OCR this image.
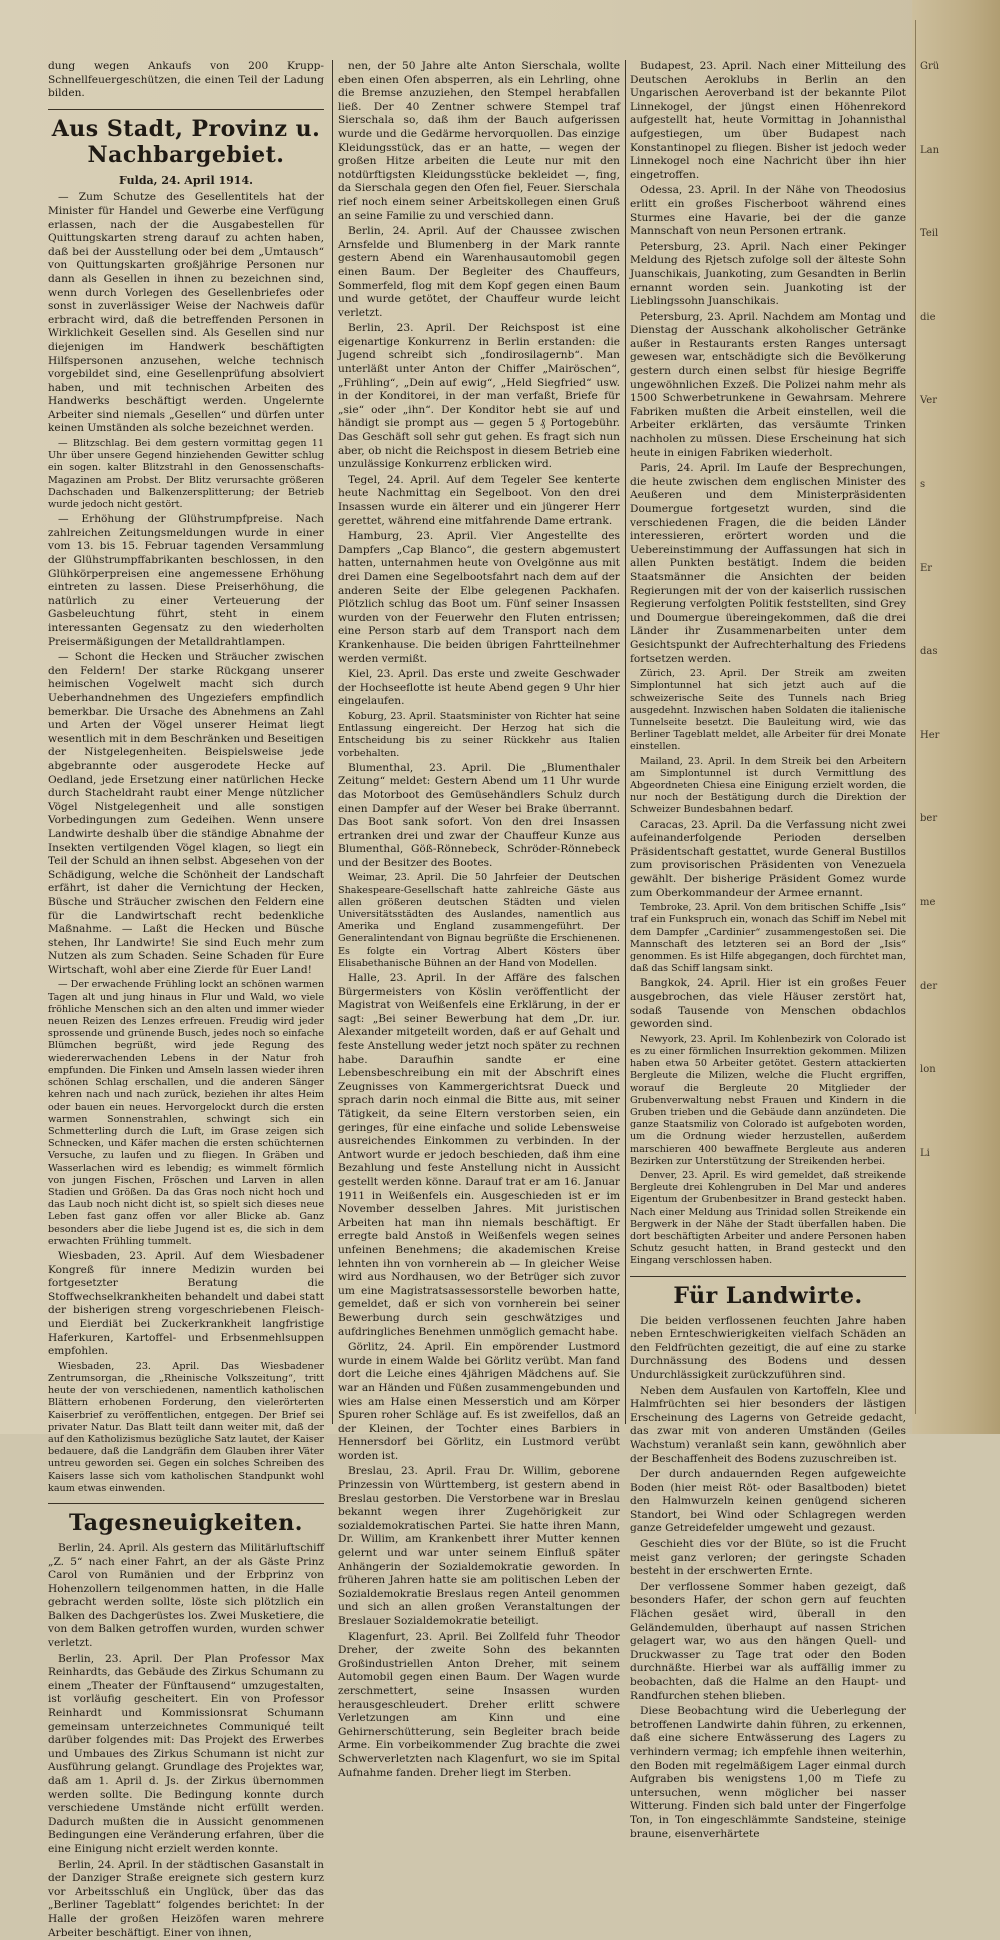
Grü
Lan
Teil
die
Ver
s
Er
das
Her
ber
me
der
lon
Li

dung wegen Ankaufs von 200 Krupp-Schnellfeuergeschützen, die einen Teil der Ladung bilden.

Aus Stadt, Provinz u. Nachbargebiet.
Fulda, 24. April 1914.

— Zum Schutze des Gesellentitels hat der Minister für Handel und Gewerbe eine Verfügung erlassen, nach der die Ausgabestellen für Quittungskarten streng darauf zu achten haben, daß bei der Ausstellung oder bei dem „Umtausch“ von Quittungskarten großjährige Personen nur dann als Gesellen in ihnen zu bezeichnen sind, wenn durch Vorlegen des Gesellenbriefes oder sonst in zuverlässiger Weise der Nachweis dafür erbracht wird, daß die betreffenden Personen in Wirklichkeit Gesellen sind. Als Gesellen sind nur diejenigen im Handwerk beschäftigten Hilfspersonen anzusehen, welche technisch vorgebildet sind, eine Gesellenprüfung absolviert haben, und mit technischen Arbeiten des Handwerks beschäftigt werden. Ungelernte Arbeiter sind niemals „Gesellen“ und dürfen unter keinen Umständen als solche bezeichnet werden.

— Blitzschlag. Bei dem gestern vormittag gegen 11 Uhr über unsere Gegend hinziehenden Gewitter schlug ein sogen. kalter Blitzstrahl in den Genossenschafts-Magazinen am Probst. Der Blitz verursachte größeren Dachschaden und Balkenzersplitterung; der Betrieb wurde jedoch nicht gestört.

— Erhöhung der Glühstrumpfpreise. Nach zahlreichen Zeitungsmeldungen wurde in einer vom 13. bis 15. Februar tagenden Versammlung der Glühstrumpffabrikanten beschlossen, in den Glühkörperpreisen eine angemessene Erhöhung eintreten zu lassen. Diese Preiserhöhung, die natürlich zu einer Verteuerung der Gasbeleuchtung führt, steht in einem interessanten Gegensatz zu den wiederholten Preisermäßigungen der Metalldrahtlampen.

— Schont die Hecken und Sträucher zwischen den Feldern! Der starke Rückgang unserer heimischen Vogelwelt macht sich durch Ueberhandnehmen des Ungeziefers empfindlich bemerkbar. Die Ursache des Abnehmens an Zahl und Arten der Vögel unserer Heimat liegt wesentlich mit in dem Beschränken und Beseitigen der Nistgelegenheiten. Beispielsweise jede abgebrannte oder ausgerodete Hecke auf Oedland, jede Ersetzung einer natürlichen Hecke durch Stacheldraht raubt einer Menge nützlicher Vögel Nistgelegenheit und alle sonstigen Vorbedingungen zum Gedeihen. Wenn unsere Landwirte deshalb über die ständige Abnahme der Insekten vertilgenden Vögel klagen, so liegt ein Teil der Schuld an ihnen selbst. Abgesehen von der Schädigung, welche die Schönheit der Landschaft erfährt, ist daher die Vernichtung der Hecken, Büsche und Sträucher zwischen den Feldern eine für die Landwirtschaft recht bedenkliche Maßnahme. — Laßt die Hecken und Büsche stehen, Ihr Landwirte! Sie sind Euch mehr zum Nutzen als zum Schaden. Seine Schaden für Eure Wirtschaft, wohl aber eine Zierde für Euer Land!

— Der erwachende Frühling lockt an schönen warmen Tagen alt und jung hinaus in Flur und Wald, wo viele fröhliche Menschen sich an den alten und immer wieder neuen Reizen des Lenzes erfreuen. Freudig wird jeder sprossende und grünende Busch, jedes noch so einfache Blümchen begrüßt, wird jede Regung des wiedererwachenden Lebens in der Natur froh empfunden. Die Finken und Amseln lassen wieder ihren schönen Schlag erschallen, und die anderen Sänger kehren nach und nach zurück, beziehen ihr altes Heim oder bauen ein neues. Hervorgelockt durch die ersten warmen Sonnenstrahlen, schwingt sich ein Schmetterling durch die Luft, im Grase zeigen sich Schnecken, und Käfer machen die ersten schüchternen Versuche, zu laufen und zu fliegen. In Gräben und Wasserlachen wird es lebendig; es wimmelt förmlich von jungen Fischen, Fröschen und Larven in allen Stadien und Größen. Da das Gras noch nicht hoch und das Laub noch nicht dicht ist, so spielt sich dieses neue Leben fast ganz offen vor aller Blicke ab. Ganz besonders aber die liebe Jugend ist es, die sich in dem erwachten Frühling tummelt.

Wiesbaden, 23. April. Auf dem Wiesbadener Kongreß für innere Medizin wurden bei fortgesetzter Beratung die Stoffwechselkrankheiten behandelt und dabei statt der bisherigen streng vorgeschriebenen Fleisch- und Eierdiät bei Zuckerkrankheit langfristige Haferkuren, Kartoffel- und Erbsenmehlsuppen empfohlen.

Wiesbaden, 23. April. Das Wiesbadener Zentrumsorgan, die „Rheinische Volkszeitung“, tritt heute der von verschiedenen, namentlich katholischen Blättern erhobenen Forderung, den vielerörterten Kaiserbrief zu veröffentlichen, entgegen. Der Brief sei privater Natur. Das Blatt teilt dann weiter mit, daß der auf den Katholizismus bezügliche Satz lautet, der Kaiser bedauere, daß die Landgräfin dem Glauben ihrer Väter untreu geworden sei. Gegen ein solches Schreiben des Kaisers lasse sich vom katholischen Standpunkt wohl kaum etwas einwenden.

Tagesneuigkeiten.

Berlin, 24. April. Als gestern das Militärluftschiff „Z. 5“ nach einer Fahrt, an der als Gäste Prinz Carol von Rumänien und der Erbprinz von Hohenzollern teilgenommen hatten, in die Halle gebracht werden sollte, löste sich plötzlich ein Balken des Dachgerüstes los. Zwei Musketiere, die von dem Balken getroffen wurden, wurden schwer verletzt.

Berlin, 23. April. Der Plan Professor Max Reinhardts, das Gebäude des Zirkus Schumann zu einem „Theater der Fünftausend“ umzugestalten, ist vorläufig gescheitert. Ein von Professor Reinhardt und Kommissionsrat Schumann gemeinsam unterzeichnetes Communiqué teilt darüber folgendes mit: Das Projekt des Erwerbes und Umbaues des Zirkus Schumann ist nicht zur Ausführung gelangt. Grundlage des Projektes war, daß am 1. April d. Js. der Zirkus übernommen werden sollte. Die Bedingung konnte durch verschiedene Umstände nicht erfüllt werden. Dadurch mußten die in Aussicht genommenen Bedingungen eine Veränderung erfahren, über die eine Einigung nicht erzielt werden konnte.

Berlin, 24. April. In der städtischen Gasanstalt in der Danziger Straße ereignete sich gestern kurz vor Arbeitsschluß ein Unglück, über das das „Berliner Tageblatt“ folgendes berichtet: In der Halle der großen Heizöfen waren mehrere Arbeiter beschäftigt. Einer von ihnen,

nen, der 50 Jahre alte Anton Sierschala, wollte eben einen Ofen absperren, als ein Lehrling, ohne die Bremse anzuziehen, den Stempel herabfallen ließ. Der 40 Zentner schwere Stempel traf Sierschala so, daß ihm der Bauch aufgerissen wurde und die Gedärme hervorquollen. Das einzige Kleidungsstück, das er an hatte, — wegen der großen Hitze arbeiten die Leute nur mit den notdürftigsten Kleidungsstücke bekleidet —, fing, da Sierschala gegen den Ofen fiel, Feuer. Sierschala rief noch einem seiner Arbeitskollegen einen Gruß an seine Familie zu und verschied dann.

Berlin, 24. April. Auf der Chaussee zwischen Arnsfelde und Blumenberg in der Mark rannte gestern Abend ein Warenhausautomobil gegen einen Baum. Der Begleiter des Chauffeurs, Sommerfeld, flog mit dem Kopf gegen einen Baum und wurde getötet, der Chauffeur wurde leicht verletzt.

Berlin, 23. April. Der Reichspost ist eine eigenartige Konkurrenz in Berlin erstanden: die Jugend schreibt sich „fondirosilagernb“. Man unterläßt unter Anton der Chiffer „Mairöschen“, „Frühling“, „Dein auf ewig“, „Held Siegfried“ usw. in der Konditorei, in der man verfaßt, Briefe für „sie“ oder „ihn“. Der Konditor hebt sie auf und händigt sie prompt aus — gegen 5 ₰ Portogebühr. Das Geschäft soll sehr gut gehen. Es fragt sich nun aber, ob nicht die Reichspost in diesem Betrieb eine unzulässige Konkurrenz erblicken wird.

Tegel, 24. April. Auf dem Tegeler See kenterte heute Nachmittag ein Segelboot. Von den drei Insassen wurde ein älterer und ein jüngerer Herr gerettet, während eine mitfahrende Dame ertrank.

Hamburg, 23. April. Vier Angestellte des Dampfers „Cap Blanco“, die gestern abgemustert hatten, unternahmen heute von Ovelgönne aus mit drei Damen eine Segelbootsfahrt nach dem auf der anderen Seite der Elbe gelegenen Packhafen. Plötzlich schlug das Boot um. Fünf seiner Insassen wurden von der Feuerwehr den Fluten entrissen; eine Person starb auf dem Transport nach dem Krankenhause. Die beiden übrigen Fahrtteilnehmer werden vermißt.

Kiel, 23. April. Das erste und zweite Geschwader der Hochseeflotte ist heute Abend gegen 9 Uhr hier eingelaufen.

Koburg, 23. April. Staatsminister von Richter hat seine Entlassung eingereicht. Der Herzog hat sich die Entscheidung bis zu seiner Rückkehr aus Italien vorbehalten.

Blumenthal, 23. April. Die „Blumenthaler Zeitung“ meldet: Gestern Abend um 11 Uhr wurde das Motorboot des Gemüsehändlers Schulz durch einen Dampfer auf der Weser bei Brake überrannt. Das Boot sank sofort. Von den drei Insassen ertranken drei und zwar der Chauffeur Kunze aus Blumenthal, Göß-Rönnebeck, Schröder-Rönnebeck und der Besitzer des Bootes.

Weimar, 23. April. Die 50 Jahrfeier der Deutschen Shakespeare-Gesellschaft hatte zahlreiche Gäste aus allen größeren deutschen Städten und vielen Universitätsstädten des Auslandes, namentlich aus Amerika und England zusammengeführt. Der Generalintendant von Bignau begrüßte die Erschienenen. Es folgte ein Vortrag Albert Kösters über Elisabethanische Bühnen an der Hand von Modellen.

Halle, 23. April. In der Affäre des falschen Bürgermeisters von Köslin veröffentlicht der Magistrat von Weißenfels eine Erklärung, in der er sagt: „Bei seiner Bewerbung hat dem „Dr. iur. Alexander mitgeteilt worden, daß er auf Gehalt und feste Anstellung weder jetzt noch später zu rechnen habe. Daraufhin sandte er eine Lebensbeschreibung ein mit der Abschrift eines Zeugnisses von Kammergerichtsrat Dueck und sprach darin noch einmal die Bitte aus, mit seiner Tätigkeit, da seine Eltern verstorben seien, ein geringes, für eine einfache und solide Lebensweise ausreichendes Einkommen zu verbinden. In der Antwort wurde er jedoch beschieden, daß ihm eine Bezahlung und feste Anstellung nicht in Aussicht gestellt werden könne. Darauf trat er am 16. Januar 1911 in Weißenfels ein. Ausgeschieden ist er im November desselben Jahres. Mit juristischen Arbeiten hat man ihn niemals beschäftigt. Er erregte bald Anstoß in Weißenfels wegen seines unfeinen Benehmens; die akademischen Kreise lehnten ihn von vornherein ab — In gleicher Weise wird aus Nordhausen, wo der Betrüger sich zuvor um eine Magistratsassessorstelle beworben hatte, gemeldet, daß er sich von vornherein bei seiner Bewerbung durch sein geschwätziges und aufdringliches Benehmen unmöglich gemacht habe.

Görlitz, 24. April. Ein empörender Lustmord wurde in einem Walde bei Görlitz verübt. Man fand dort die Leiche eines 4jährigen Mädchens auf. Sie war an Händen und Füßen zusammengebunden und wies am Halse einen Messerstich und am Körper Spuren roher Schläge auf. Es ist zweifellos, daß an der Kleinen, der Tochter eines Barbiers in Hennersdorf bei Görlitz, ein Lustmord verübt worden ist.

Breslau, 23. April. Frau Dr. Willim, geborene Prinzessin von Württemberg, ist gestern abend in Breslau gestorben. Die Verstorbene war in Breslau bekannt wegen ihrer Zugehörigkeit zur sozialdemokratischen Partei. Sie hatte ihren Mann, Dr. Willim, am Krankenbett ihrer Mutter kennen gelernt und war unter seinem Einfluß später Anhängerin der Sozialdemokratie geworden. In früheren Jahren hatte sie am politischen Leben der Sozialdemokratie Breslaus regen Anteil genommen und sich an allen großen Veranstaltungen der Breslauer Sozialdemokratie beteiligt.

Klagenfurt, 23. April. Bei Zollfeld fuhr Theodor Dreher, der zweite Sohn des bekannten Großindustriellen Anton Dreher, mit seinem Automobil gegen einen Baum. Der Wagen wurde zerschmettert, seine Insassen wurden herausgeschleudert. Dreher erlitt schwere Verletzungen am Kinn und eine Gehirnerschütterung, sein Begleiter brach beide Arme. Ein vorbeikommender Zug brachte die zwei Schwerverletzten nach Klagenfurt, wo sie im Spital Aufnahme fanden. Dreher liegt im Sterben.

Budapest, 23. April. Nach einer Mitteilung des Deutschen Aeroklubs in Berlin an den Ungarischen Aeroverband ist der bekannte Pilot Linnekogel, der jüngst einen Höhenrekord aufgestellt hat, heute Vormittag in Johannisthal aufgestiegen, um über Budapest nach Konstantinopel zu fliegen. Bisher ist jedoch weder Linnekogel noch eine Nachricht über ihn hier eingetroffen.

Odessa, 23. April. In der Nähe von Theodosius erlitt ein großes Fischerboot während eines Sturmes eine Havarie, bei der die ganze Mannschaft von neun Personen ertrank.

Petersburg, 23. April. Nach einer Pekinger Meldung des Rjetsch zufolge soll der älteste Sohn Juanschikais, Juankoting, zum Gesandten in Berlin ernannt worden sein. Juankoting ist der Lieblingssohn Juanschikais.

Petersburg, 23. April. Nachdem am Montag und Dienstag der Ausschank alkoholischer Getränke außer in Restaurants ersten Ranges untersagt gewesen war, entschädigte sich die Bevölkerung gestern durch einen selbst für hiesige Begriffe ungewöhnlichen Exzeß. Die Polizei nahm mehr als 1500 Schwerbetrunkene in Gewahrsam. Mehrere Fabriken mußten die Arbeit einstellen, weil die Arbeiter erklärten, das versäumte Trinken nachholen zu müssen. Diese Erscheinung hat sich heute in einigen Fabriken wiederholt.

Paris, 24. April. Im Laufe der Besprechungen, die heute zwischen dem englischen Minister des Aeußeren und dem Ministerpräsidenten Doumergue fortgesetzt wurden, sind die verschiedenen Fragen, die die beiden Länder interessieren, erörtert worden und die Uebereinstimmung der Auffassungen hat sich in allen Punkten bestätigt. Indem die beiden Staatsmänner die Ansichten der beiden Regierungen mit der von der kaiserlich russischen Regierung verfolgten Politik feststellten, sind Grey und Doumergue übereingekommen, daß die drei Länder ihr Zusammenarbeiten unter dem Gesichtspunkt der Aufrechterhaltung des Friedens fortsetzen werden.

Zürich, 23. April. Der Streik am zweiten Simplontunnel hat sich jetzt auch auf die schweizerische Seite des Tunnels nach Brieg ausgedehnt. Inzwischen haben Soldaten die italienische Tunnelseite besetzt. Die Bauleitung wird, wie das Berliner Tageblatt meldet, alle Arbeiter für drei Monate einstellen.

Mailand, 23. April. In dem Streik bei den Arbeitern am Simplontunnel ist durch Vermittlung des Abgeordneten Chiesa eine Einigung erzielt worden, die nur noch der Bestätigung durch die Direktion der Schweizer Bundesbahnen bedarf.

Caracas, 23. April. Da die Verfassung nicht zwei aufeinanderfolgende Perioden derselben Präsidentschaft gestattet, wurde General Bustillos zum provisorischen Präsidenten von Venezuela gewählt. Der bisherige Präsident Gomez wurde zum Oberkommandeur der Armee ernannt.

Tembroke, 23. April. Von dem britischen Schiffe „Isis“ traf ein Funkspruch ein, wonach das Schiff im Nebel mit dem Dampfer „Cardinier“ zusammengestoßen sei. Die Mannschaft des letzteren sei an Bord der „Isis“ genommen. Es ist Hilfe abgegangen, doch fürchtet man, daß das Schiff langsam sinkt.

Bangkok, 24. April. Hier ist ein großes Feuer ausgebrochen, das viele Häuser zerstört hat, sodaß Tausende von Menschen obdachlos geworden sind.

Newyork, 23. April. Im Kohlenbezirk von Colorado ist es zu einer förmlichen Insurrektion gekommen. Milizen haben etwa 50 Arbeiter getötet. Gestern attackierten Bergleute die Milizen, welche die Flucht ergriffen, worauf die Bergleute 20 Mitglieder der Grubenverwaltung nebst Frauen und Kindern in die Gruben trieben und die Gebäude dann anzündeten. Die ganze Staatsmiliz von Colorado ist aufgeboten worden, um die Ordnung wieder herzustellen, außerdem marschieren 400 bewaffnete Bergleute aus anderen Bezirken zur Unterstützung der Streikenden herbei.

Denver, 23. April. Es wird gemeldet, daß streikende Bergleute drei Kohlengruben in Del Mar und anderes Eigentum der Grubenbesitzer in Brand gesteckt haben. Nach einer Meldung aus Trinidad sollen Streikende ein Bergwerk in der Nähe der Stadt überfallen haben. Die dort beschäftigten Arbeiter und andere Personen haben Schutz gesucht hatten, in Brand gesteckt und den Eingang verschlossen haben.

Für Landwirte.

Die beiden verflossenen feuchten Jahre haben neben Ernteschwierigkeiten vielfach Schäden an den Feldfrüchten gezeitigt, die auf eine zu starke Durchnässung des Bodens und dessen Undurchlässigkeit zurückzuführen sind.

Neben dem Ausfaulen von Kartoffeln, Klee und Halmfrüchten sei hier besonders der lästigen Erscheinung des Lagerns von Getreide gedacht, das zwar mit von anderen Umständen (Geiles Wachstum) veranlaßt sein kann, gewöhnlich aber der Beschaffenheit des Bodens zuzuschreiben ist.

Der durch andauernden Regen aufgeweichte Boden (hier meist Röt- oder Basaltboden) bietet den Halmwurzeln keinen genügend sicheren Standort, bei Wind oder Schlagregen werden ganze Getreidefelder umgeweht und gezaust.

Geschieht dies vor der Blüte, so ist die Frucht meist ganz verloren; der geringste Schaden besteht in der erschwerten Ernte.

Der verflossene Sommer haben gezeigt, daß besonders Hafer, der schon gern auf feuchten Flächen gesäet wird, überall in den Geländemulden, überhaupt auf nassen Strichen gelagert war, wo aus den hängen Quell- und Druckwasser zu Tage trat oder den Boden durchnäßte. Hierbei war als auffällig immer zu beobachten, daß die Halme an den Haupt- und Randfurchen stehen blieben.

Diese Beobachtung wird die Ueberlegung der betroffenen Landwirte dahin führen, zu erkennen, daß eine sichere Entwässerung des Lagers zu verhindern vermag; ich empfehle ihnen weiterhin, den Boden mit regelmäßigem Lager einmal durch Aufgraben bis wenigstens 1,00 m Tiefe zu untersuchen, wenn möglicher bei nasser Witterung. Finden sich bald unter der Fingerfolge Ton, in Ton eingeschlämmte Sandsteine, steinige braune, eisenverhärtete
